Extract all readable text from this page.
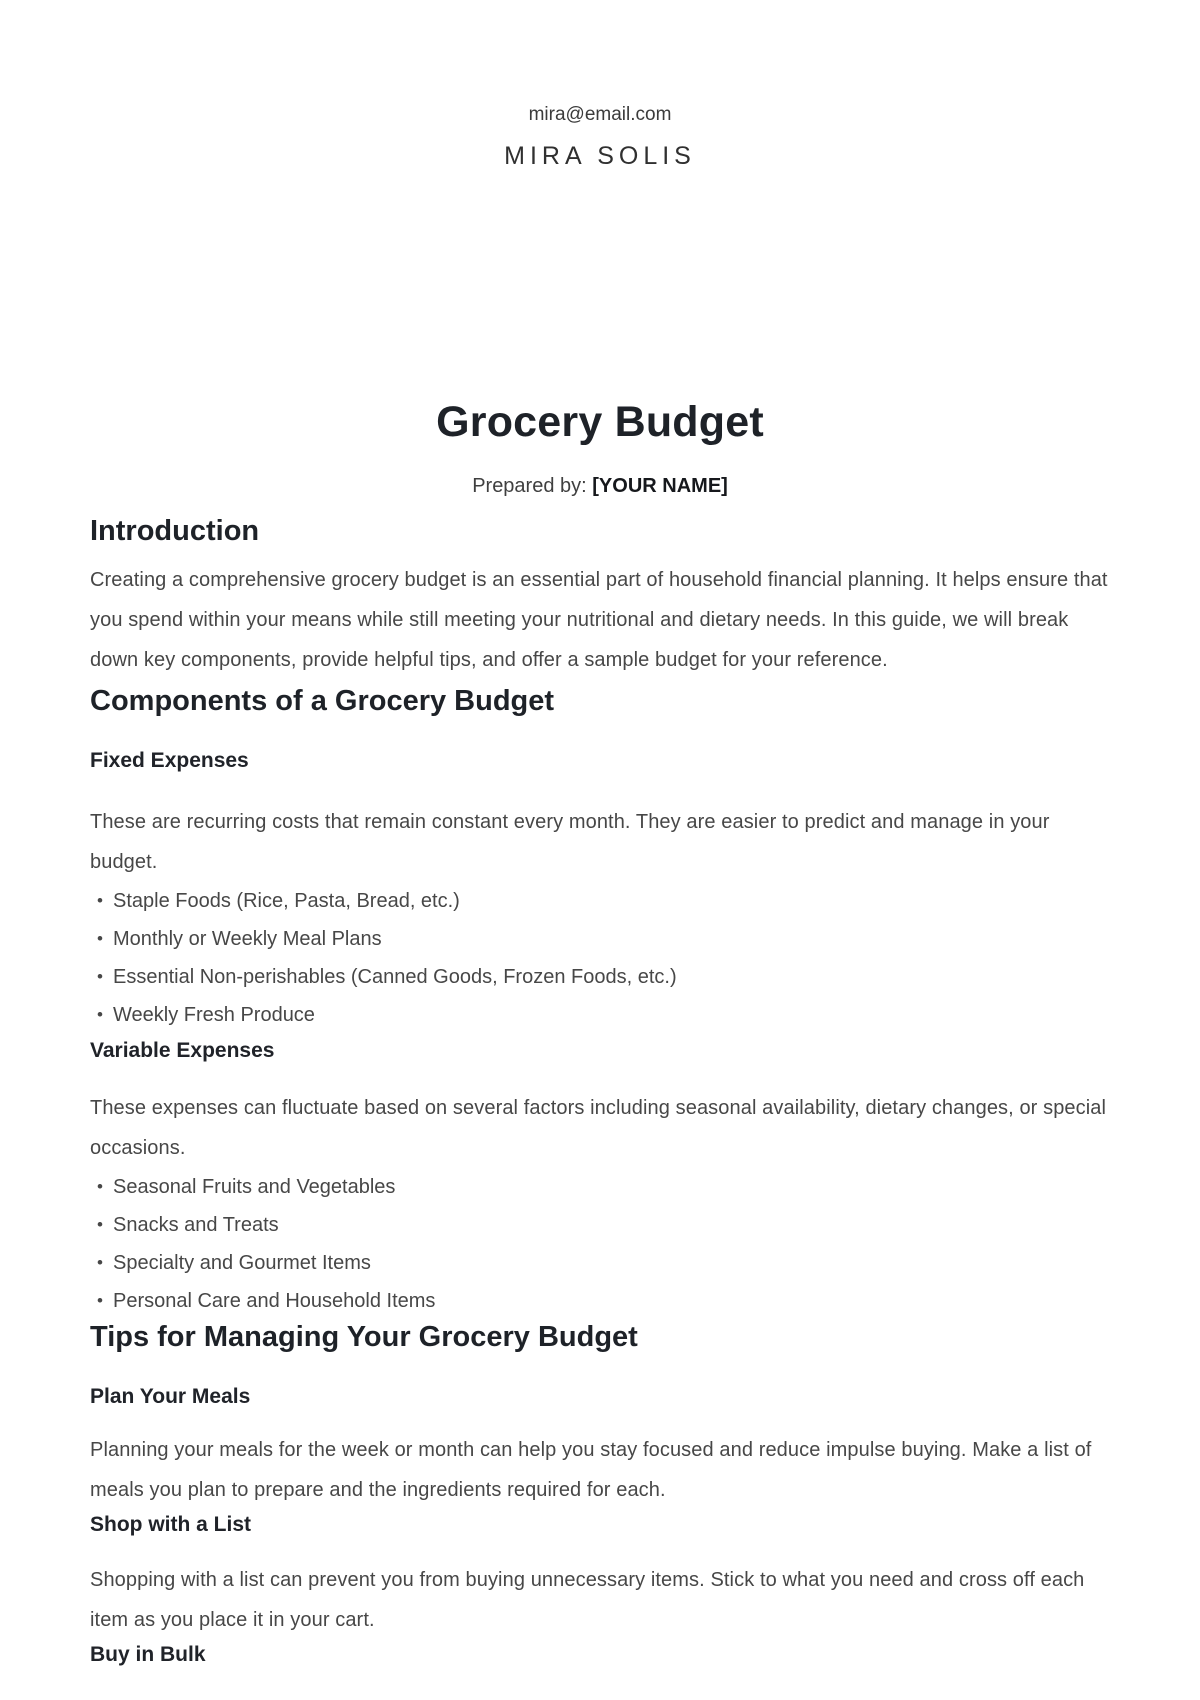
mira@email.com
MIRA SOLIS
Grocery Budget
Prepared by: [YOUR NAME]
Introduction

Creating a comprehensive grocery budget is an essential part of household financial planning. It helps ensure that you spend within your means while still meeting your nutritional and dietary needs. In this guide, we will break down key components, provide helpful tips, and offer a sample budget for your reference.

Components of a Grocery Budget
Fixed Expenses

These are recurring costs that remain constant every month. They are easier to predict and manage in your budget.

• Staple Foods (Rice, Pasta, Bread, etc.)
• Monthly or Weekly Meal Plans
• Essential Non-perishables (Canned Goods, Frozen Foods, etc.)
• Weekly Fresh Produce
Variable Expenses

These expenses can fluctuate based on several factors including seasonal availability, dietary changes, or special occasions.

• Seasonal Fruits and Vegetables
• Snacks and Treats
• Specialty and Gourmet Items
• Personal Care and Household Items
Tips for Managing Your Grocery Budget
Plan Your Meals

Planning your meals for the week or month can help you stay focused and reduce impulse buying. Make a list of meals you plan to prepare and the ingredients required for each.

Shop with a List

Shopping with a list can prevent you from buying unnecessary items. Stick to what you need and cross off each item as you place it in your cart.

Buy in Bulk
